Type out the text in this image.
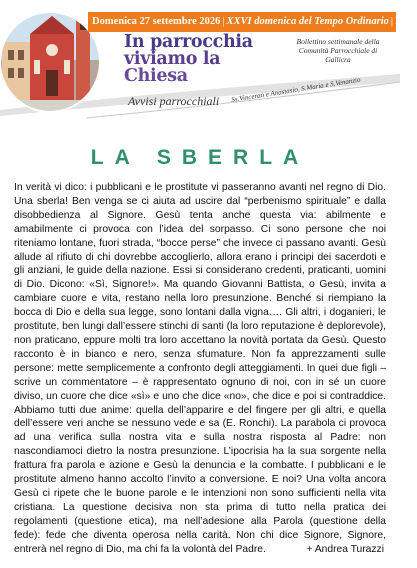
Domenica 27 settembre 2026 | XXVI domenica del Tempo Ordinario | N°44
In parrocchia
viviamo la
Chiesa
Bollettino settimanale della Comunità Parrocchiale di Gallicra
Avvisi parrocchiali Ss.Vincenzo e Anastasio, S.Maria e S.Venanzio
LA SBERLA

In verità vi dico: i pubblicani e le prostitute vi passeranno avanti nel regno di Dio. Una sberla! Ben venga se ci aiuta ad uscire dal “perbenismo spirituale” e dalla disobbedienza al Signore. Gesù tenta anche questa via: abilmente e amabilmente ci provoca con l’idea del sorpasso. Ci sono persone che noi riteniamo lontane, fuori strada, “bocce perse” che invece ci passano avanti. Gesù allude al rifiuto di chi dovrebbe accoglierlo, allora erano i principi dei sacerdoti e gli anziani, le guide della nazione. Essi si considerano credenti, praticanti, uomini di Dio. Dicono: «Sì, Signore!». Ma quando Giovanni Battista, o Gesù, invita a cambiare cuore e vita, restano nella loro presunzione. Benché si riempiano la bocca di Dio e della sua legge, sono lontani dalla vigna…. Gli altri, i doganieri, le prostitute, ben lungi dall’essere stinchi di santi (la loro reputazione è deplorevole), non praticano, eppure molti tra loro accettano la novità portata da Gesù. Questo racconto è in bianco e nero, senza sfumature. Non fa apprezzamenti sulle persone: mette semplicemente a confronto degli atteggiamenti. In quei due figli – scrive un commentatore – è rappresentato ognuno di noi, con in sé un cuore diviso, un cuore che dice «sì» e uno che dice «no», che dice e poi si contraddice. Abbiamo tutti due anime: quella dell’apparire e del fingere per gli altri, e quella dell’essere veri anche se nessuno vede e sa (E. Ronchi). La parabola ci provoca ad una verifica sulla nostra vita e sulla nostra risposta al Padre: non nascondiamoci dietro la nostra presunzione. L’ipocrisia ha la sua sorgente nella frattura fra parola e azione e Gesù la denuncia e la combatte. I pubblicani e le prostitute almeno hanno accolto l’invito a conversione. E noi? Una volta ancora Gesù ci ripete che le buone parole e le intenzioni non sono sufficienti nella vita cristiana. La questione decisiva non sta prima di tutto nella pratica dei regolamenti (questione etica), ma nell’adesione alla Parola (questione della fede): fede che diventa operosa nella carità. Non chi dice Signore, Signore, entrerà nel regno di Dio, ma chi fa la volontà del Padre.	+ Andrea Turazzi
